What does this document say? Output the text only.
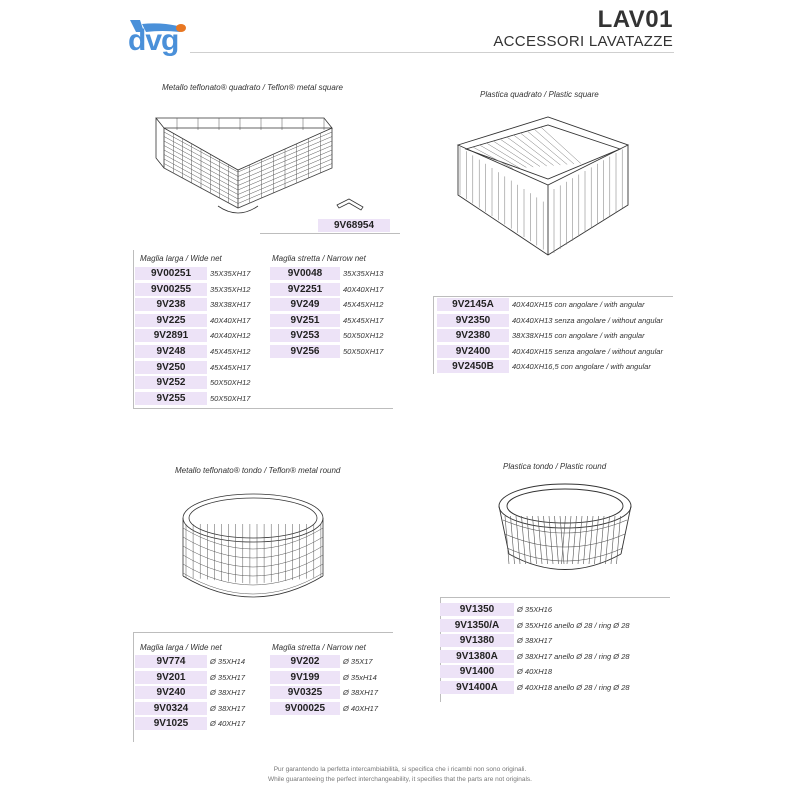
dvg
LAV01
ACCESSORI LAVATAZZE
Metallo teflonato® quadrato / Teflon® metal square
9V68954
Maglia larga / Wide net	Maglia stretta / Narrow net
9V00251	35X35XH17
9V00255	35X35XH12
9V238	38X38XH17
9V225	40X40XH17
9V2891	40X40XH12
9V248	45X45XH12
9V250	45X45XH17
9V252	50X50XH12
9V255	50X50XH17
9V0048	35X35XH13
9V2251	40X40XH17
9V249	45X45XH12
9V251	45X45XH17
9V253	50X50XH12
9V256	50X50XH17
Plastica quadrato / Plastic square
9V2145A	40X40XH15 con angolare / with angular
9V2350	40X40XH13 senza angolare / without angular
9V2380	38X38XH15 con angolare / with angular
9V2400	40X40XH15 senza angolare / without angular
9V2450B	40X40XH16,5 con angolare / with angular
Metallo teflonato® tondo / Teflon® metal round
Maglia larga / Wide net	Maglia stretta / Narrow net
9V774	Ø 35XH14
9V201	Ø 35XH17
9V240	Ø 38XH17
9V0324	Ø 38XH17
9V1025	Ø 40XH17
9V202	Ø 35X17
9V199	Ø 35xH14
9V0325	Ø 38XH17
9V00025	Ø 40XH17
Plastica tondo / Plastic round
9V1350	Ø 35XH16
9V1350/A	Ø 35XH16 anello Ø 28 / ring Ø 28
9V1380	Ø 38XH17
9V1380A	Ø 38XH17 anello Ø 28 / ring Ø 28
9V1400	Ø 40XH18
9V1400A	Ø 40XH18 anello Ø 28 / ring Ø 28
Pur garantendo la perfetta intercambiabilità, si specifica che i ricambi non sono originali.
While guaranteeing the perfect interchangeability, it specifies that the parts are not originals.
